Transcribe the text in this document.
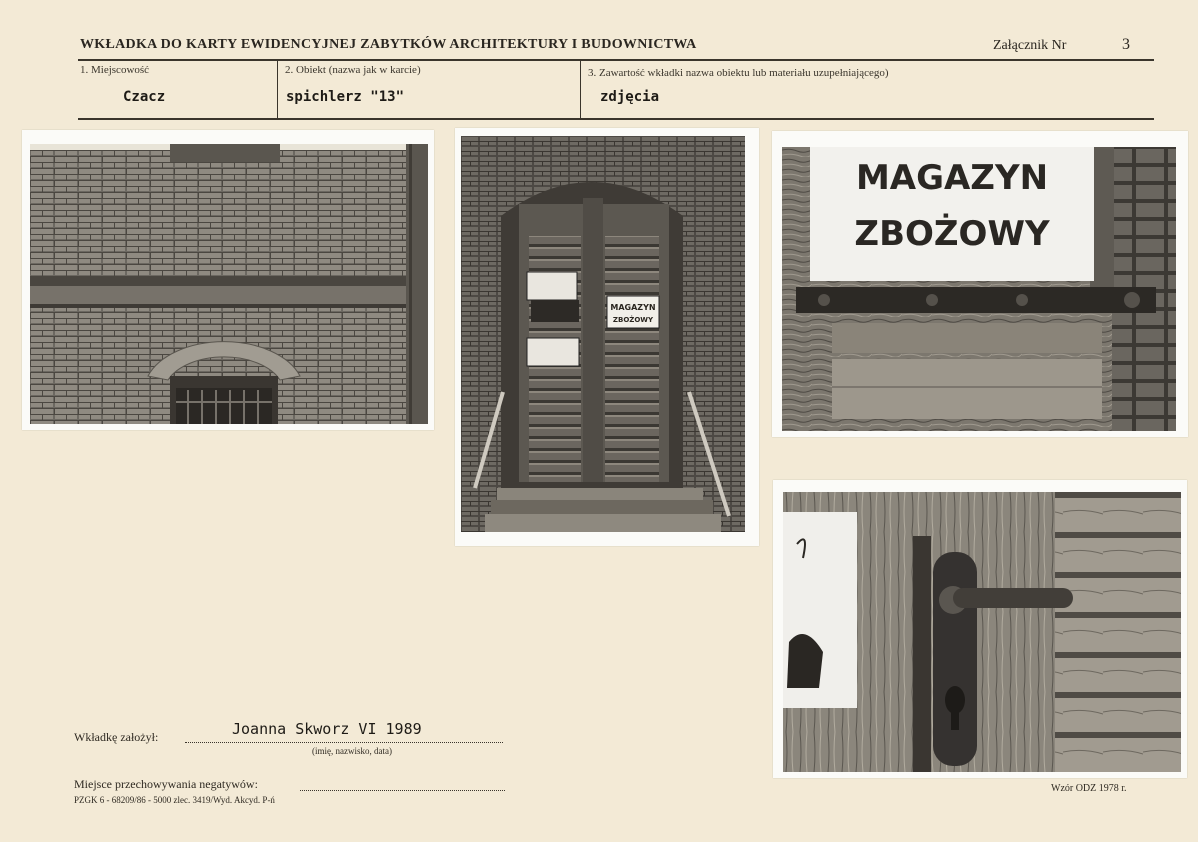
WKŁADKA DO KARTY EWIDENCYJNEJ ZABYTKÓW ARCHITEKTURY I BUDOWNICTWA	Załącznik Nr	3
1. Miejscowość
Czacz
2. Obiekt (nazwa jak w karcie)
spichlerz "13"
3. Zawartość wkładki nazwa obiektu lub materiału uzupełniającego)
zdjęcia
MAGAZYN
ZBOŻOWY
MAGAZYN
ZBOŻOWY
Wkładkę założył:	Joanna Skworz VI 1989
(imię, nazwisko, data)
Miejsce przechowywania negatywów:
PZGK 6 - 68209/86 - 5000 zlec. 3419/Wyd. Akcyd. P-ń
Wzór ODZ 1978 r.
